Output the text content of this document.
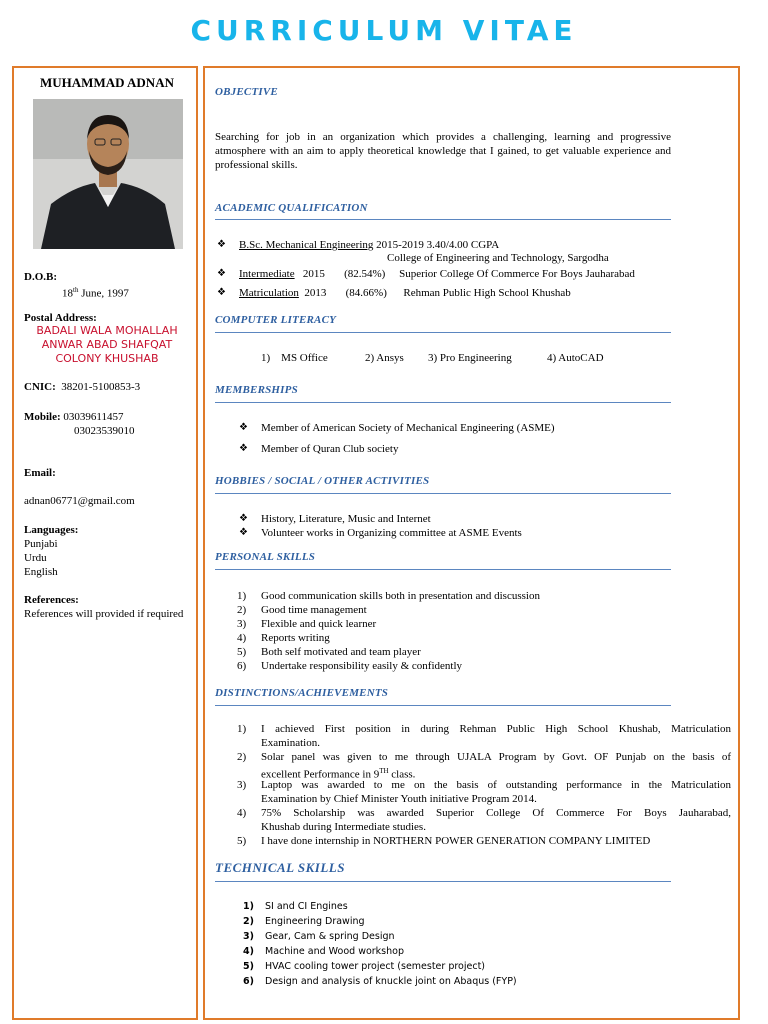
CURRICULUM VITAE
MUHAMMAD ADNAN
D.O.B:
18th June, 1997
Postal Address:
BADALI WALA MOHALLAH
ANWAR ABAD SHAFQAT
COLONY KHUSHAB
CNIC: 38201-5100853-3
Mobile: 03039611457
03023539010
Email:
adnan06771@gmail.com
Languages:
Punjabi
Urdu
English
References:
References will provided if required
OBJECTIVE
Searching for job in an organization which provides a challenging, learning and progressive atmosphere with an aim to apply theoretical knowledge that I gained, to get valuable experience and professional skills.
ACADEMIC QUALIFICATION
❖ B.Sc. Mechanical Engineering 2015-2019 3.40/4.00 CGPA
College of Engineering and Technology, Sargodha
❖ Intermediate   2015       (82.54%)     Superior College Of Commerce For Boys Jauharabad
❖ Matriculation  2013       (84.66%)      Rehman Public High School Khushab
COMPUTER LITERACY
1)    MS Office	2) Ansys 3) Pro Engineering	4) AutoCAD
MEMBERSHIPS
❖ Member of American Society of Mechanical Engineering (ASME)
❖ Member of Quran Club society
HOBBIES / SOCIAL / OTHER ACTIVITIES
❖ History, Literature, Music and Internet
❖ Volunteer works in Organizing committee at ASME Events
PERSONAL SKILLS
1) Good communication skills both in presentation and discussion
2) Good time management
3) Flexible and quick learner
4) Reports writing
5) Both self motivated and team player
6) Undertake responsibility easily & confidently
DISTINCTIONS/ACHIEVEMENTS
1) I achieved First position in during Rehman Public High School Khushab, Matriculation
Examination.
2) Solar panel was given to me through UJALA Program by Govt. OF Punjab on the basis of
excellent Performance in 9TH class.
3) Laptop was awarded to me on the basis of outstanding performance in the Matriculation
Examination by Chief Minister Youth initiative Program 2014.
4) 75% Scholarship was awarded Superior College Of Commerce For Boys Jauharabad,
Khushab during Intermediate studies.
5) I have done internship in NORTHERN POWER GENERATION COMPANY LIMITED
TECHNICAL SKILLS
1) SI and CI Engines
2) Engineering Drawing
3) Gear, Cam & spring Design
4) Machine and Wood workshop
5) HVAC cooling tower project (semester project)
6) Design and analysis of knuckle joint on Abaqus (FYP)
